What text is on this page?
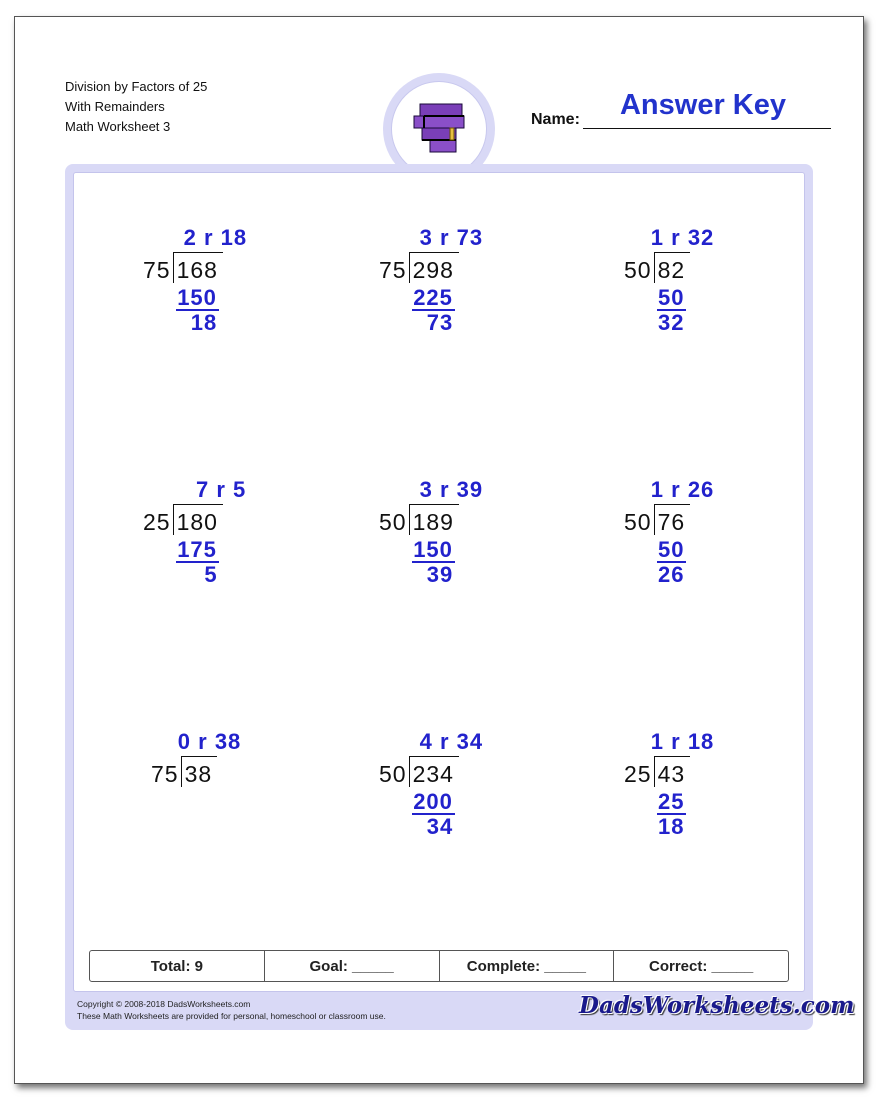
Division by Factors of 25
With Remainders
Math Worksheet 3
Answer Key
Name:
75 168
2 r 18
150
18
75 298
3 r 73
225
73
50 82
1 r 32
50
32
25 180
7 r 5
175
5
50 189
3 r 39
150
39
50 76
1 r 26
50
26
75 38
0 r 38
50 234
4 r 34
200
34
25 43
1 r 18
25
18
Total: 9	Goal: _____	Complete: _____	Correct: _____
Copyright © 2008-2018 DadsWorksheets.com
These Math Worksheets are provided for personal, homeschool or classroom use.	DadsWorksheets.com
